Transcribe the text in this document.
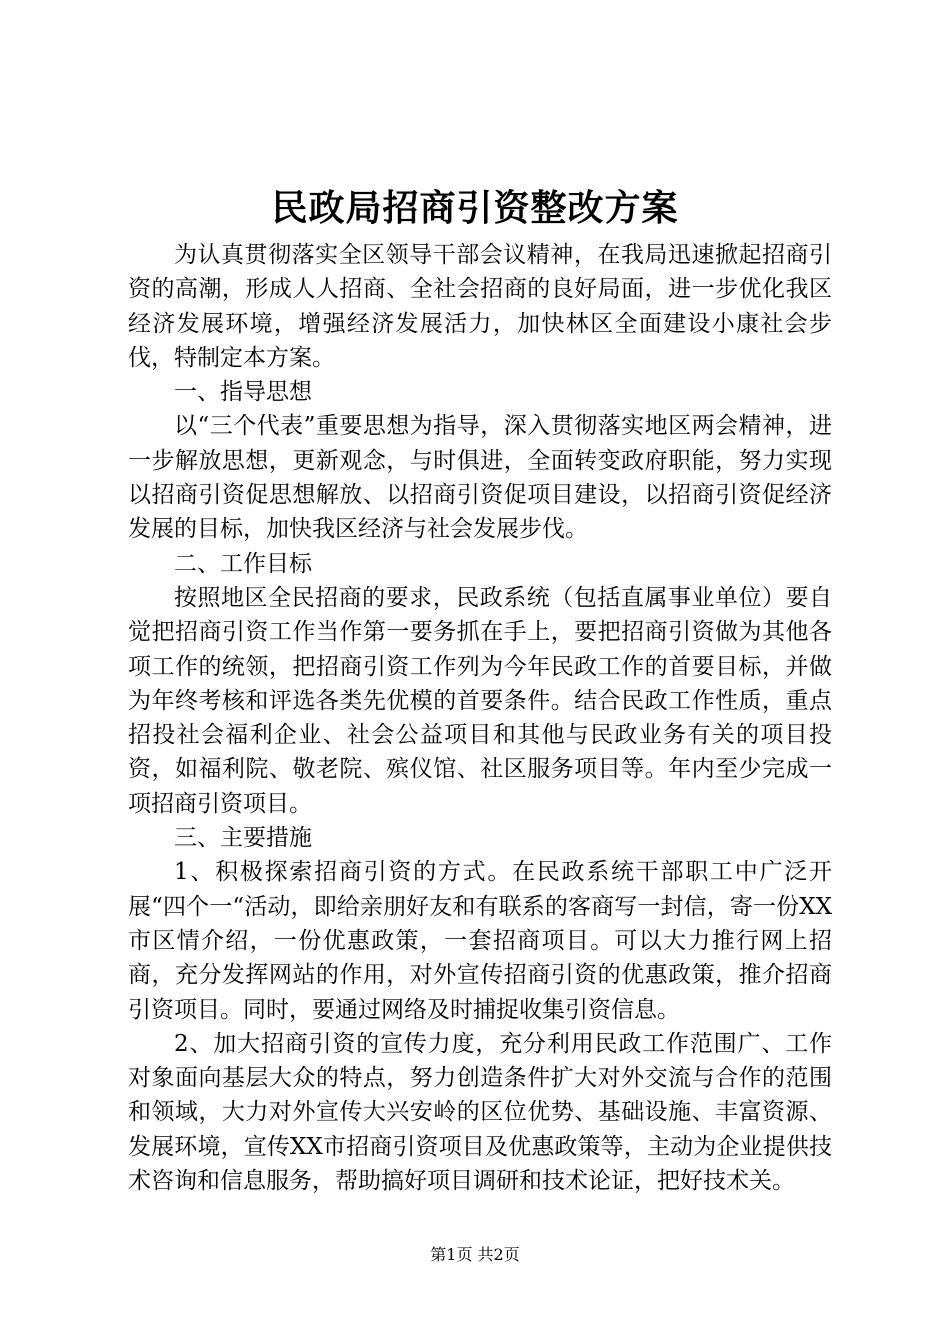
民政局招商引资整改方案

为认真贯彻落实全区领导干部会议精神，在我局迅速掀起招商引资的高潮，形成人人招商、全社会招商的良好局面，进一步优化我区经济发展环境，增强经济发展活力，加快林区全面建设小康社会步伐，特制定本方案。

一、指导思想

以“三个代表”重要思想为指导，深入贯彻落实地区两会精神，进一步解放思想，更新观念，与时俱进，全面转变政府职能，努力实现以招商引资促思想解放、以招商引资促项目建设，以招商引资促经济发展的目标，加快我区经济与社会发展步伐。

二、工作目标

按照地区全民招商的要求，民政系统（包括直属事业单位）要自觉把招商引资工作当作第一要务抓在手上，要把招商引资做为其他各项工作的统领，把招商引资工作列为今年民政工作的首要目标，并做为年终考核和评选各类先优模的首要条件。结合民政工作性质，重点招投社会福利企业、社会公益项目和其他与民政业务有关的项目投资，如福利院、敬老院、殡仪馆、社区服务项目等。年内至少完成一项招商引资项目。

三、主要措施

1、积极探索招商引资的方式。在民政系统干部职工中广泛开展“四个一“活动，即给亲朋好友和有联系的客商写一封信，寄一份XX市区情介绍，一份优惠政策，一套招商项目。可以大力推行网上招商，充分发挥网站的作用，对外宣传招商引资的优惠政策，推介招商引资项目。同时，要通过网络及时捕捉收集引资信息。

2、加大招商引资的宣传力度，充分利用民政工作范围广、工作对象面向基层大众的特点，努力创造条件扩大对外交流与合作的范围和领域，大力对外宣传大兴安岭的区位优势、基础设施、丰富资源、发展环境，宣传XX市招商引资项目及优惠政策等，主动为企业提供技术咨询和信息服务，帮助搞好项目调研和技术论证，把好技术关。

第1页 共2页
